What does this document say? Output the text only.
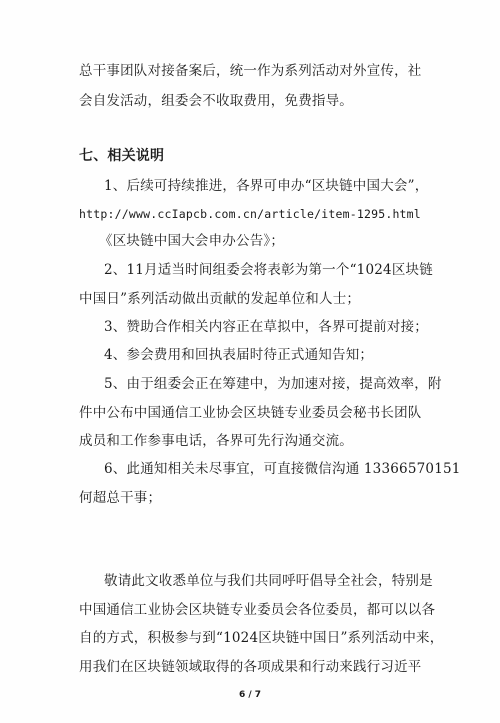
总干事团队对接备案后，统一作为系列活动对外宣传，社
会自发活动，组委会不收取费用，免费指导。
七、相关说明
1、后续可持续推进，各界可申办“区块链中国大会”，
http://www.ccIapcb.com.cn/article/item-1295.html
《区块链中国大会申办公告》；
2、11月适当时间组委会将表彰为第一个“1024区块链
中国日”系列活动做出贡献的发起单位和人士；
3、赞助合作相关内容正在草拟中，各界可提前对接；
4、参会费用和回执表届时待正式通知告知；
5、由于组委会正在筹建中，为加速对接，提高效率，附
件中公布中国通信工业协会区块链专业委员会秘书长团队
成员和工作参事电话，各界可先行沟通交流。
6、此通知相关未尽事宜，可直接微信沟通 13366570151
何超总干事；
敬请此文收悉单位与我们共同呼吁倡导全社会，特别是
中国通信工业协会区块链专业委员会各位委员，都可以以各
自的方式，积极参与到“1024区块链中国日”系列活动中来，
用我们在区块链领域取得的各项成果和行动来践行习近平
6 / 7
